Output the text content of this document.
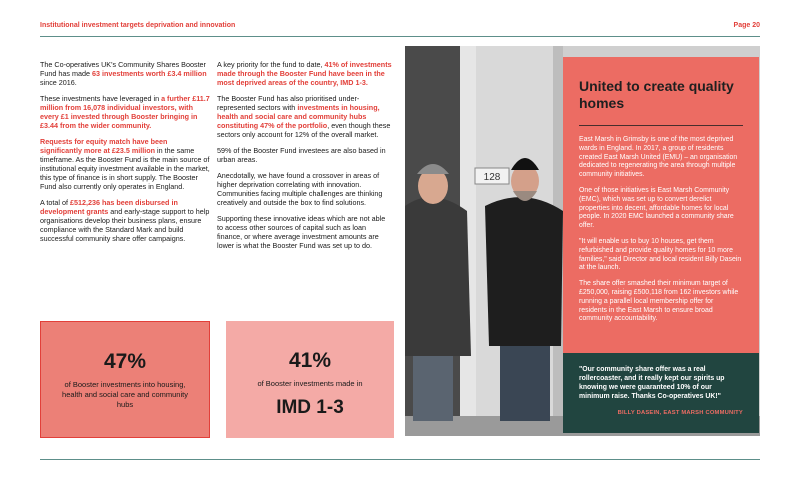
Institutional investment targets deprivation and innovation	Page 20

The Co-operatives UK's Community Shares Booster Fund has made 63 investments worth £3.4 million since 2016.

These investments have leveraged in a further £11.7 million from 16,078 individual investors, with every £1 invested through Booster bringing in £3.44 from the wider community.

Requests for equity match have been significantly more at £23.5 million in the same timeframe. As the Booster Fund is the main source of institutional equity investment available in the market, this type of finance is in short supply. The Booster Fund also currently only operates in England.

A total of £512,236 has been disbursed in development grants and early-stage support to help organisations develop their business plans, ensure compliance with the Standard Mark and build successful community share offer campaigns.

A key priority for the fund to date, 41% of investments made through the Booster Fund have been in the most deprived areas of the country, IMD 1-3.

The Booster Fund has also prioritised under-represented sectors with investments in housing, health and social care and community hubs constituting 47% of the portfolio, even though these sectors only account for 12% of the overall market.

59% of the Booster Fund investees are also based in urban areas.

Anecdotally, we have found a crossover in areas of higher deprivation correlating with innovation. Communities facing multiple challenges are thinking creatively and outside the box to find solutions.

Supporting these innovative ideas which are not able to access other sources of capital such as loan finance, or where average investment amounts are lower is what the Booster Fund was set up to do.

47%
of Booster investments into housing, health and social care and community hubs
41%
of Booster investments made in
IMD 1-3
128
United to create quality homes

East Marsh in Grimsby is one of the most deprived wards in England. In 2017, a group of residents created East Marsh United (EMU) – an organisation dedicated to regenerating the area through multiple community initiatives.

One of those initiatives is East Marsh Community (EMC), which was set up to convert derelict properties into decent, affordable homes for local people. In 2020 EMC launched a community share offer.

"It will enable us to buy 10 houses, get them refurbished and provide quality homes for 10 more families," said Director and local resident Billy Dasein at the launch.

The share offer smashed their minimum target of £250,000, raising £500,118 from 162 investors while running a parallel local membership offer for residents in the East Marsh to ensure broad community accountability.

"Our community share offer was a real rollercoaster, and it really kept our spirits up knowing we were guaranteed 10% of our minimum raise. Thanks Co-operatives UK!"
BILLY DASEIN, EAST MARSH COMMUNITY
